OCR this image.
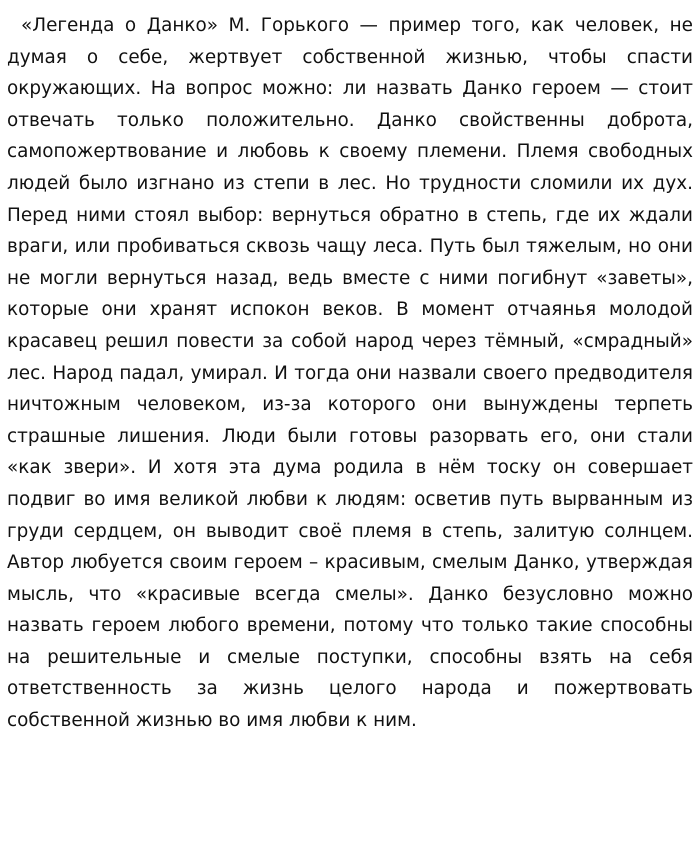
«Легенда о Данко» М. Горького — пример того, как человек, не думая о себе, жертвует собственной жизнью, чтобы спасти окружающих. На вопрос можно: ли назвать Данко героем — стоит отвечать только положительно. Данко свойственны доброта, самопожертвование и любовь к своему племени. Племя свободных людей было изгнано из степи в лес. Но трудности сломили их дух. Перед ними стоял выбор: вернуться обратно в степь, где их ждали враги, или пробиваться сквозь чащу леса. Путь был тяжелым, но они не могли вернуться назад, ведь вместе с ними погибнут «заветы», которые они хранят испокон веков. В момент отчаянья молодой красавец решил повести за собой народ через тёмный, «смрадный» лес. Народ падал, умирал. И тогда они назвали своего предводителя ничтожным человеком, из-за которого они вынуждены терпеть страшные лишения. Люди были готовы разорвать его, они стали «как звери». И хотя эта дума родила в нём тоску он совершает подвиг во имя великой любви к людям: осветив путь вырванным из груди сердцем, он выводит своё племя в степь, залитую солнцем. Автор любуется своим героем – красивым, смелым Данко, утверждая мысль, что «красивые всегда смелы». Данко безусловно можно назвать героем любого времени, потому что только такие способны на решительные и смелые поступки, способны взять на себя ответственность за жизнь целого народа и пожертвовать собственной жизнью во имя любви к ним.
